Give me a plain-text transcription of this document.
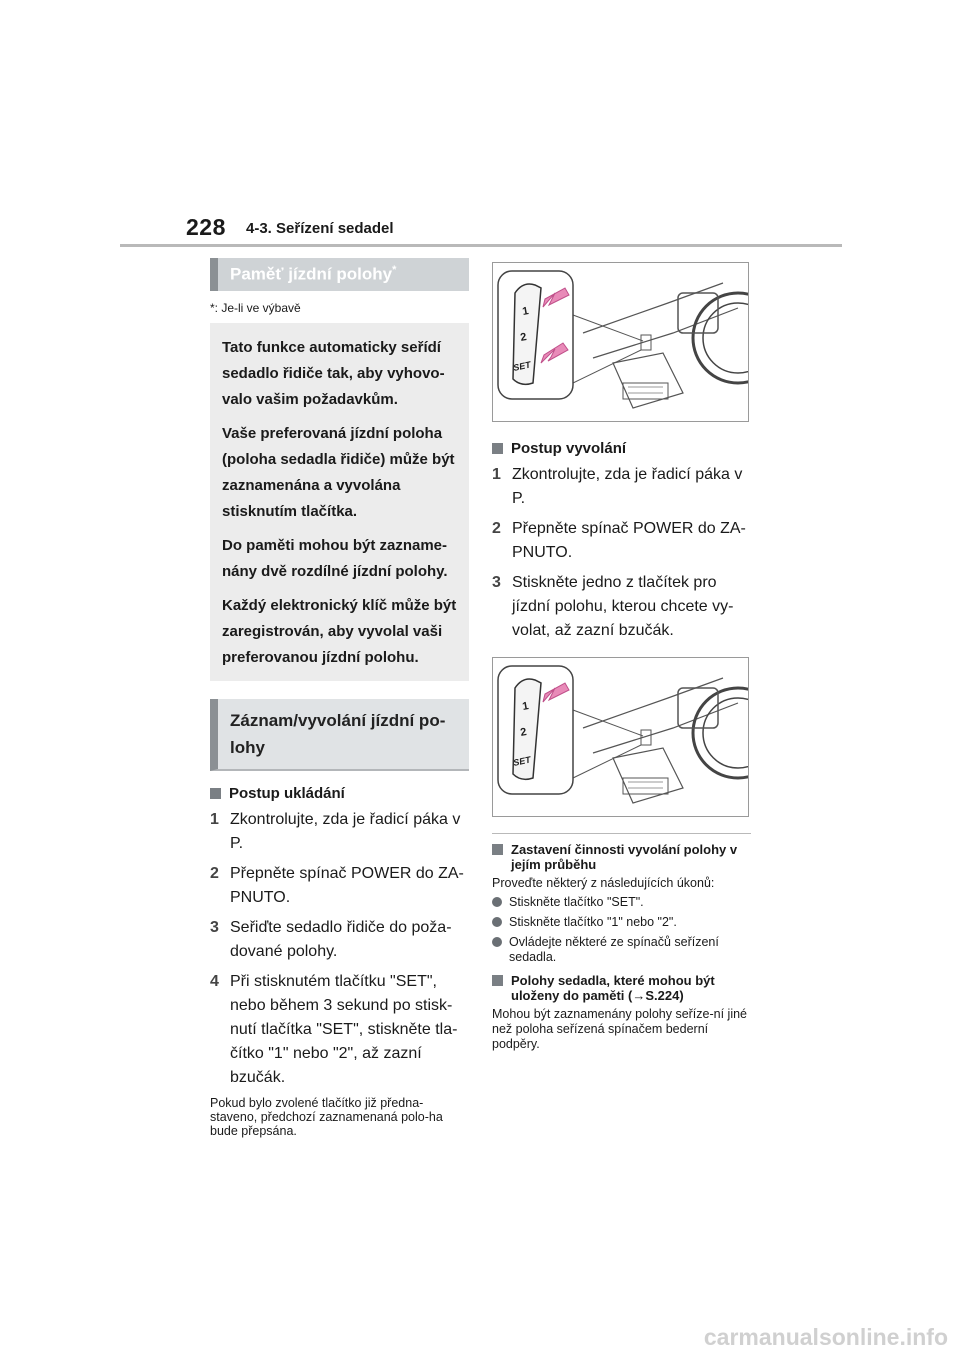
228 4-3. Seřízení sedadel
Paměť jízdní polohy*
*: Je-li ve výbavě

Tato funkce automaticky seřídí sedadlo řidiče tak, aby vyhovo-valo vašim požadavkům.

Vaše preferovaná jízdní poloha (poloha sedadla řidiče) může být zaznamenána a vyvolána stisknutím tlačítka.

Do paměti mohou být zazname-nány dvě rozdílné jízdní polohy.

Každý elektronický klíč může být zaregistrován, aby vyvolal vaši preferovanou jízdní polohu.

Záznam/vyvolání jízdní po-lohy
Postup ukládání
1 Zkontrolujte, zda je řadicí páka v P.
2 Přepněte spínač POWER do ZA-PNUTO.
3 Seřiďte sedadlo řidiče do poža-dované polohy.
4 Při stisknutém tlačítku "SET", nebo během 3 sekund po stisk-nutí tlačítka "SET", stiskněte tla-čítko "1" nebo "2", až zazní bzučák.
Pokud bylo zvolené tlačítko již předna-staveno, předchozí zaznamenaná polo-ha bude přepsána.
1
2
SET
Postup vyvolání
1 Zkontrolujte, zda je řadicí páka v P.
2 Přepněte spínač POWER do ZA-PNUTO.
3 Stiskněte jedno z tlačítek pro jízdní polohu, kterou chcete vy-volat, až zazní bzučák.
1
2
SET
Zastavení činnosti vyvolání polohy v jejím průběhu
Proveďte některý z následujících úkonů:
Stiskněte tlačítko "SET".
Stiskněte tlačítko "1" nebo "2".
Ovládejte některé ze spínačů seřízení sedadla.
Polohy sedadla, které mohou být uloženy do paměti (→S.224)
Mohou být zaznamenány polohy seříze-ní jiné než poloha seřízená spínačem bederní podpěry.
carmanualsonline.info
